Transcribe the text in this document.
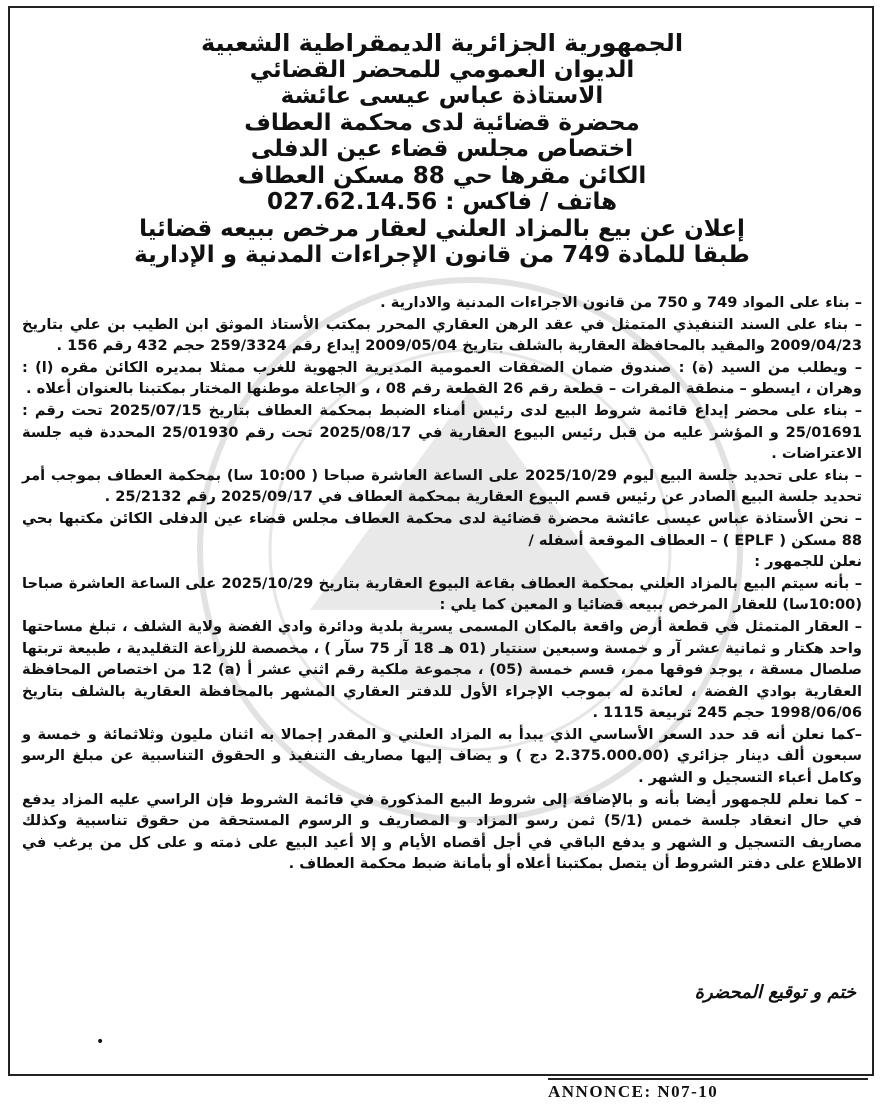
الجمهورية الجزائرية الديمقراطية الشعبية
الديوان العمومي للمحضر القضائي
الاستاذة عباس عيسى عائشة
محضرة قضائية لدى محكمة العطاف
اختصاص مجلس قضاء عين الدفلى
الكائن مقرها حي 88 مسكن العطاف
هاتف / فاكس : 027.62.14.56
إعلان عن بيع بالمزاد العلني لعقار مرخص ببيعه قضائيا
طبقا للمادة 749 من قانون الإجراءات المدنية و الإدارية

– بناء على المواد 749 و 750 من قانون الاجراءات المدنية والادارية .

– بناء على السند التنفيذي المتمثل في عقد الرهن العقاري المحرر بمكتب الأستاذ الموثق ابن الطيب بن علي بتاريخ 2009/04/23 والمقيد بالمحافظة العقارية بالشلف بتاريخ 2009/05/04 إيداع رقم 259/3324 حجم 432 رقم 156 .

– ويطلب من السيد (ة) : صندوق ضمان الصفقات العمومية المديرية الجهوية للغرب ممثلا بمديره الكائن مقره (ا) : وهران ، ايسطو – منطقة المقرات – قطعة رقم 26 القطعة رقم 08 ، و الجاعلة موطنها المختار بمكتبنا بالعنوان أعلاه .

– بناء على محضر إيداع قائمة شروط البيع لدى رئيس أمناء الضبط بمحكمة العطاف بتاريخ 2025/07/15 تحت رقم : 25/01691 و المؤشر عليه من قبل رئيس البيوع العقارية في 2025/08/17 تحت رقم 25/01930 المحددة فيه جلسة الاعتراضات .

– بناء على تحديد جلسة البيع ليوم 2025/10/29 على الساعة العاشرة صباحا ( 10:00 سا) بمحكمة العطاف بموجب أمر تحديد جلسة البيع الصادر عن رئيس قسم البيوع العقارية بمحكمة العطاف في 2025/09/17 رقم 25/2132 .

– نحن الأستاذة عباس عيسى عائشة محضرة قضائية لدى محكمة العطاف مجلس قضاء عين الدفلى الكائن مكتبها بحي 88 مسكن ( EPLF ) – العطاف الموقعة أسفله /

نعلن للجمهور :

– بأنه سيتم البيع بالمزاد العلني بمحكمة العطاف بقاعة البيوع العقارية بتاريخ 2025/10/29 على الساعة العاشرة صباحا (10:00سا) للعقار المرخص ببيعه قضائيا و المعين كما يلي :

– العقار المتمثل في قطعة أرض واقعة بالمكان المسمى يسرية بلدية ودائرة وادي الفضة ولاية الشلف ، تبلغ مساحتها واحد هكتار و ثمانية عشر آر و خمسة وسبعين سنتيار (01 هـ 18 آر 75 سآر ) ، مخصصة للزراعة التقليدية ، طبيعة تربتها صلصال مسقة ، يوجد فوقها ممر، قسم خمسة (05) ، مجموعة ملكية رقم اثني عشر أ (a) 12 من اختصاص المحافظة العقارية بوادي الفضة ، لعائدة له بموجب الإجراء الأول للدفتر العقاري المشهر بالمحافظة العقارية بالشلف بتاريخ 1998/06/06 حجم 245 تربيعة 1115 .

–كما نعلن أنه قد حدد السعر الأساسي الذي يبدأ به المزاد العلني و المقدر إجمالا به اثنان مليون وثلاثمائة و خمسة و سبعون ألف دينار جزائري (2.375.000.00 دج ) و يضاف إليها مصاريف التنفيذ و الحقوق التناسبية عن مبلغ الرسو وكامل أعباء التسجيل و الشهر .

– كما نعلم للجمهور أيضا بأنه و بالإضافة إلى شروط البيع المذكورة في قائمة الشروط فإن الراسي عليه المزاد يدفع في حال انعقاد جلسة خمس (5/1) ثمن رسو المزاد و المصاريف و الرسوم المستحقة من حقوق تناسبية وكذلك مصاريف التسجيل و الشهر و يدفع الباقي في أجل أقصاه الأيام و إلا أعيد البيع على ذمته و على كل من يرغب في الاطلاع على دفتر الشروط أن يتصل بمكتبنا أعلاه أو بأمانة ضبط محكمة العطاف .

ختم و توقيع المحضرة
•
ANNONCE: N07-10
